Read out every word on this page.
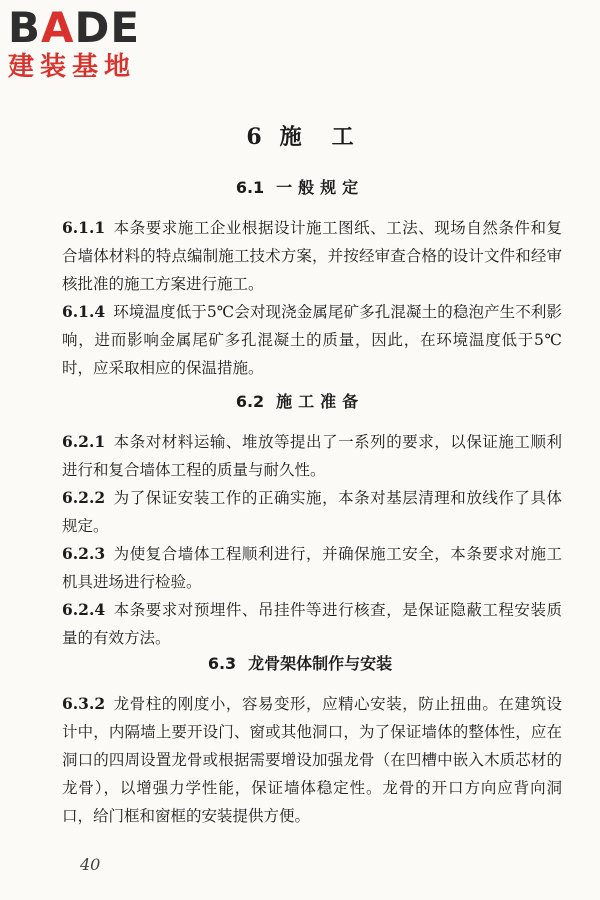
BADE
建装基地
6 施工
6.1 一般规定
6.1.1 本条要求施工企业根据设计施工图纸、工法、现场自然条件和复合墙体材料的特点编制施工技术方案，并按经审查合格的设计文件和经审核批准的施工方案进行施工。
6.1.4 环境温度低于5℃会对现浇金属尾矿多孔混凝土的稳泡产生不利影响，进而影响金属尾矿多孔混凝土的质量，因此，在环境温度低于5℃时，应采取相应的保温措施。
6.2 施工准备
6.2.1 本条对材料运输、堆放等提出了一系列的要求，以保证施工顺利进行和复合墙体工程的质量与耐久性。
6.2.2 为了保证安装工作的正确实施，本条对基层清理和放线作了具体规定。
6.2.3 为使复合墙体工程顺利进行，并确保施工安全，本条要求对施工机具进场进行检验。
6.2.4 本条要求对预埋件、吊挂件等进行核查，是保证隐蔽工程安装质量的有效方法。
6.3 龙骨架体制作与安装
6.3.2 龙骨柱的刚度小，容易变形，应精心安装，防止扭曲。在建筑设计中，内隔墙上要开设门、窗或其他洞口，为了保证墙体的整体性，应在洞口的四周设置龙骨或根据需要增设加强龙骨（在凹槽中嵌入木质芯材的龙骨），以增强力学性能，保证墙体稳定性。龙骨的开口方向应背向洞口，给门框和窗框的安装提供方便。
40
